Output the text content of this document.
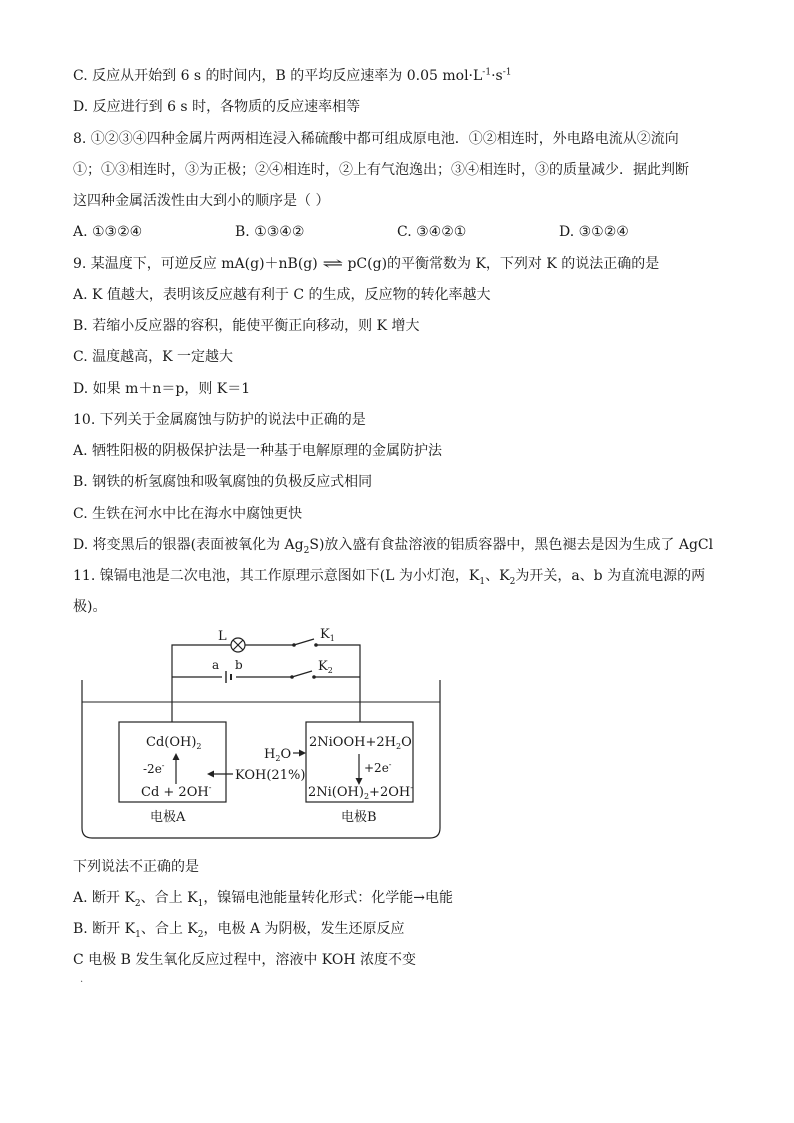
C. 反应从开始到 6 s 的时间内，B 的平均反应速率为 0.05 $mol\cdot L^{-1}\cdot s^{-1}$
D. 反应进行到 6 s 时，各物质的反应速率相等
8. ①②③④四种金属片两两相连浸入稀硫酸中都可组成原电池．①②相连时，外电路电流从②流向
①；①③相连时，③为正极；②④相连时，②上有气泡逸出；③④相连时，③的质量减少．据此判断
这四种金属活泼性由大到小的顺序是（ ）
A. ①③②④	B. ①③④②	C. ③④②①	D. ③①②④
9. 某温度下，可逆反应 mA(g)＋nB(g) ⇌ pC(g)的平衡常数为 K，下列对 K 的说法正确的是
A. K 值越大，表明该反应越有利于 C 的生成，反应物的转化率越大
B. 若缩小反应器的容积，能使平衡正向移动，则 K 增大
C. 温度越高，K 一定越大
D. 如果 m＋n＝p，则 K＝1
10. 下列关于金属腐蚀与防护的说法中正确的是
A. 牺牲阳极的阴极保护法是一种基于电解原理的金属防护法
B. 钢铁的析氢腐蚀和吸氧腐蚀的负极反应式相同
C. 生铁在河水中比在海水中腐蚀更快
D. 将变黑后的银器(表面被氧化为 $Ag_2S$)放入盛有食盐溶液的铝质容器中，黑色褪去是因为生成了 AgCl
11. 镍镉电池是二次电池，其工作原理示意图如下(L 为小灯泡，$K_1$、$K_2$为开关，a、b 为直流电源的两
极)。
L	$K_1$
a b	$K_2$
$Cd(OH)_2$
-2e-
Cd + 2OH-
$2NiOOH+2H_2O$
+2e-
$2Ni(OH)_2+2OH^-$
$H_2O$
KOH(21%)
电极A	电极B
下列说法不正确的是
A. 断开 $K_2$、合上 $K_1$，镍镉电池能量转化形式：化学能→电能
B. 断开 $K_1$、合上 $K_2$，电极 A 为阴极，发生还原反应
C 电极 B 发生氧化反应过程中，溶液中 KOH 浓度不变
.
